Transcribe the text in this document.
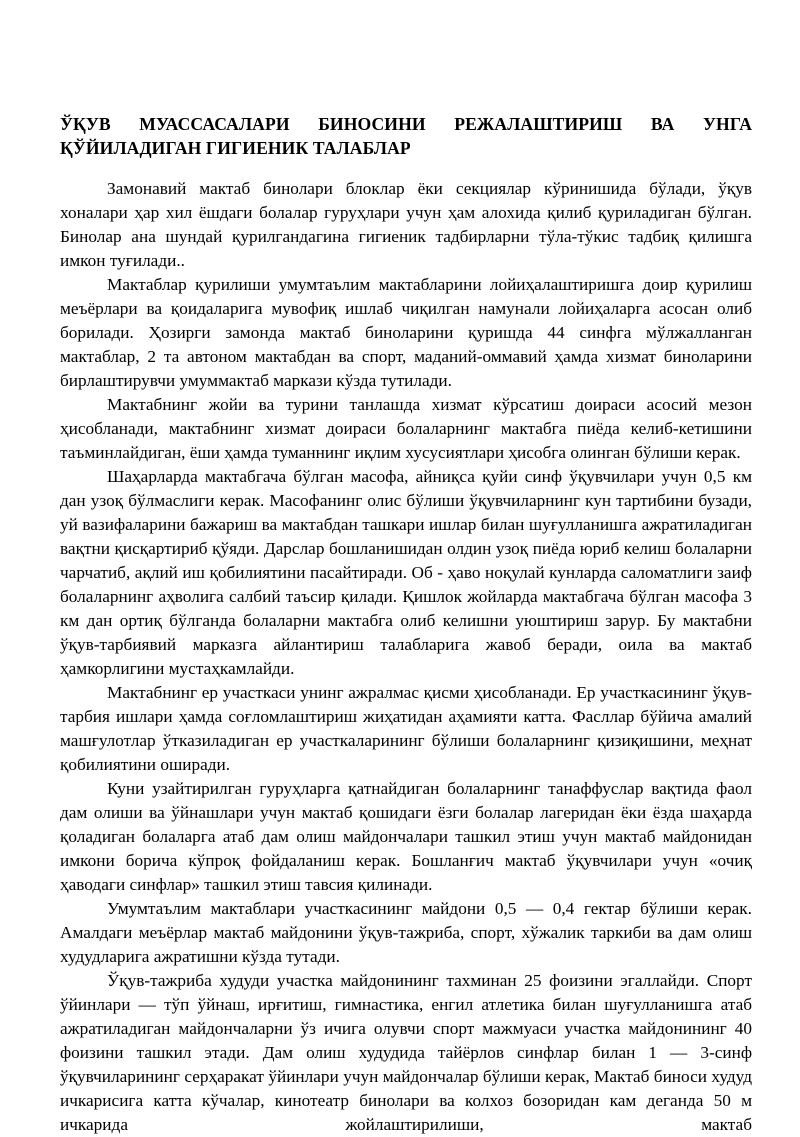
ЎҚУВ МУАССАСАЛАРИ БИНОСИНИ РЕЖАЛАШТИРИШ ВА УНГА
ҚЎЙИЛАДИГАН ГИГИЕНИК ТАЛАБЛАР

Замонавий мактаб бинолари блоклар ёки секциялар кўринишида бўлади, ўқув хоналари ҳар хил ёшдаги болалар гуруҳлари учун ҳам алохида қилиб қуриладиган бўлган. Бинолар ана шундай қурилгандагина гигиеник тадбирларни тўла-тўкис тадбиқ қилишга имкон туғилади..

Мактаблар қурилиши умумтаълим мактабларини лойиҳалаштиришга доир қурилиш меъёрлари ва қоидаларига мувофиқ ишлаб чиқилган намунали лойиҳаларга асосан олиб борилади. Ҳозирги замонда мактаб биноларини қуришда 44 синфга мўлжалланган мактаблар, 2 та автоном мактабдан ва спорт, маданий-оммавий ҳамда хизмат биноларини бирлаштирувчи умуммактаб маркази кўзда тутилади.

Мактабнинг жойи ва турини танлашда хизмат кўрсатиш доираси асосий мезон ҳисобланади, мактабнинг хизмат доираси болаларнинг мактабга пиёда келиб-кетишини таъминлайдиган, ёши ҳамда туманнинг иқлим хусусиятлари ҳисобга олинган бўлиши керак.

Шаҳарларда мактабгача бўлган масофа, айниқса қуйи синф ўқувчилари учун 0,5 км дан узоқ бўлмаслиги керак. Масофанинг олис бўлиши ўқувчиларнинг кун тартибини бузади, уй вазифаларини бажариш ва мактабдан ташкари ишлар билан шуғулланишга ажратиладиган вақтни қисқартириб қўяди. Дарслар бошланишидан олдин узоқ пиёда юриб келиш болаларни чарчатиб, ақлий иш қобилиятини пасайтиради. Об - ҳаво ноқулай кунларда саломатлиги заиф болаларнинг аҳволига салбий таъсир қилади. Қишлок жойларда мактабгача бўлган масофа 3 км дан ортиқ бўлганда болаларни мактабга олиб келишни уюштириш зарур. Бу мактабни ўқув-тарбиявий марказга айлантириш талабларига жавоб беради, оила ва мактаб ҳамкорлигини мустаҳкамлайди.

Мактабнинг ер участкаси унинг ажралмас қисми ҳисобланади. Ер участкасининг ўқув-тарбия ишлари ҳамда соғломлаштириш жиҳатидан аҳамияти катта. Фасллар бўйича амалий машғулотлар ўтказиладиган ер участкаларининг бўлиши болаларнинг қизиқишини, меҳнат қобилиятини оширади.

Куни узайтирилган гуруҳларга қатнайдиган болаларнинг танаффуслар вақтида фаол дам олиши ва ўйнашлари учун мактаб қошидаги ёзги болалар лагеридан ёки ёзда шаҳарда қоладиган болаларга атаб дам олиш майдончалари ташкил этиш учун мактаб майдонидан имкони борича кўпроқ фойдаланиш керак. Бошланғич мактаб ўқувчилари учун «очиқ ҳаводаги синфлар» ташкил этиш тавсия қилинади.

Умумтаълим мактаблари участкасининг майдони 0,5 — 0,4 гектар бўлиши керак. Амалдаги меъёрлар мактаб майдонини ўқув-тажриба, спорт, хўжалик таркиби ва дам олиш худудларига ажратишни кўзда тутади.

Ўқув-тажриба худуди участка майдонининг тахминан 25 фоизини эгаллайди. Спорт ўйинлари — тўп ўйнаш, ирғитиш, гимнастика, енгил атлетика билан шуғулланишга атаб ажратиладиган майдончаларни ўз ичига олувчи спорт мажмуаси участка майдонининг 40 фоизини ташкил этади. Дам олиш худудида тайёрлов синфлар билан 1 — 3-синф ўқувчиларининг серҳаракат ўйинлари учун майдончалар бўлиши керак, Мактаб биноси худуд ичкарисига катта кўчалар, кинотеатр бинолари ва колхоз бозоридан кам деганда 50 м ичкарида жойлаштирилиши, мактаб
